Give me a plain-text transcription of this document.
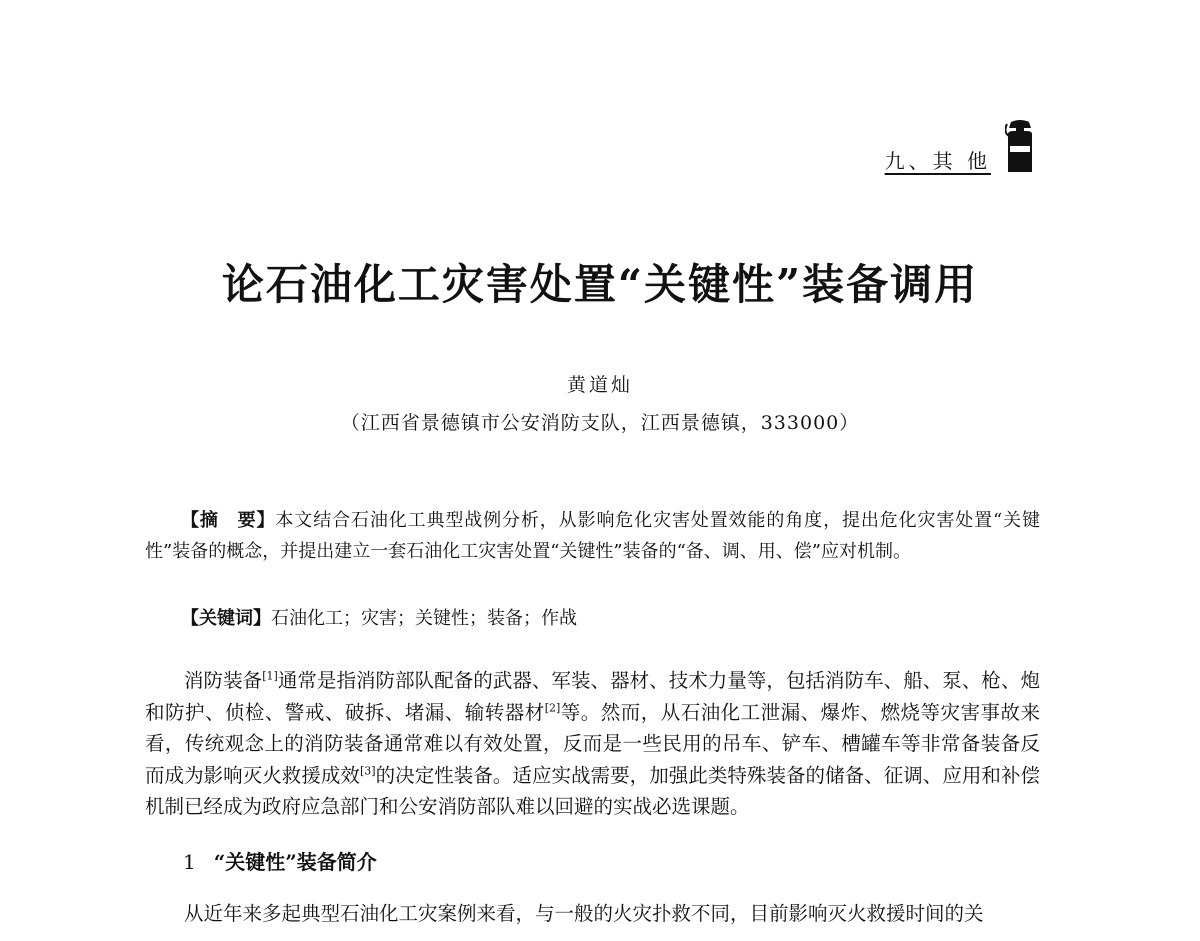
九、其 他
论石油化工灾害处置“关键性”装备调用
黄道灿
（江西省景德镇市公安消防支队，江西景德镇，333000）
【摘　要】本文结合石油化工典型战例分析，从影响危化灾害处置效能的角度，提出危化灾害处置“关键性”装备的概念，并提出建立一套石油化工灾害处置“关键性”装备的“备、调、用、偿”应对机制。
【关键词】石油化工；灾害；关键性；装备；作战
消防装备[1]通常是指消防部队配备的武器、军装、器材、技术力量等，包括消防车、船、泵、枪、炮和防护、侦检、警戒、破拆、堵漏、输转器材[2]等。然而，从石油化工泄漏、爆炸、燃烧等灾害事故来看，传统观念上的消防装备通常难以有效处置，反而是一些民用的吊车、铲车、槽罐车等非常备装备反而成为影响灭火救援成效[3]的决定性装备。适应实战需要，加强此类特殊装备的储备、征调、应用和补偿机制已经成为政府应急部门和公安消防部队难以回避的实战必选课题。
1 “关键性”装备简介
从近年来多起典型石油化工灾案例来看，与一般的火灾扑救不同，目前影响灭火救援时间的关
